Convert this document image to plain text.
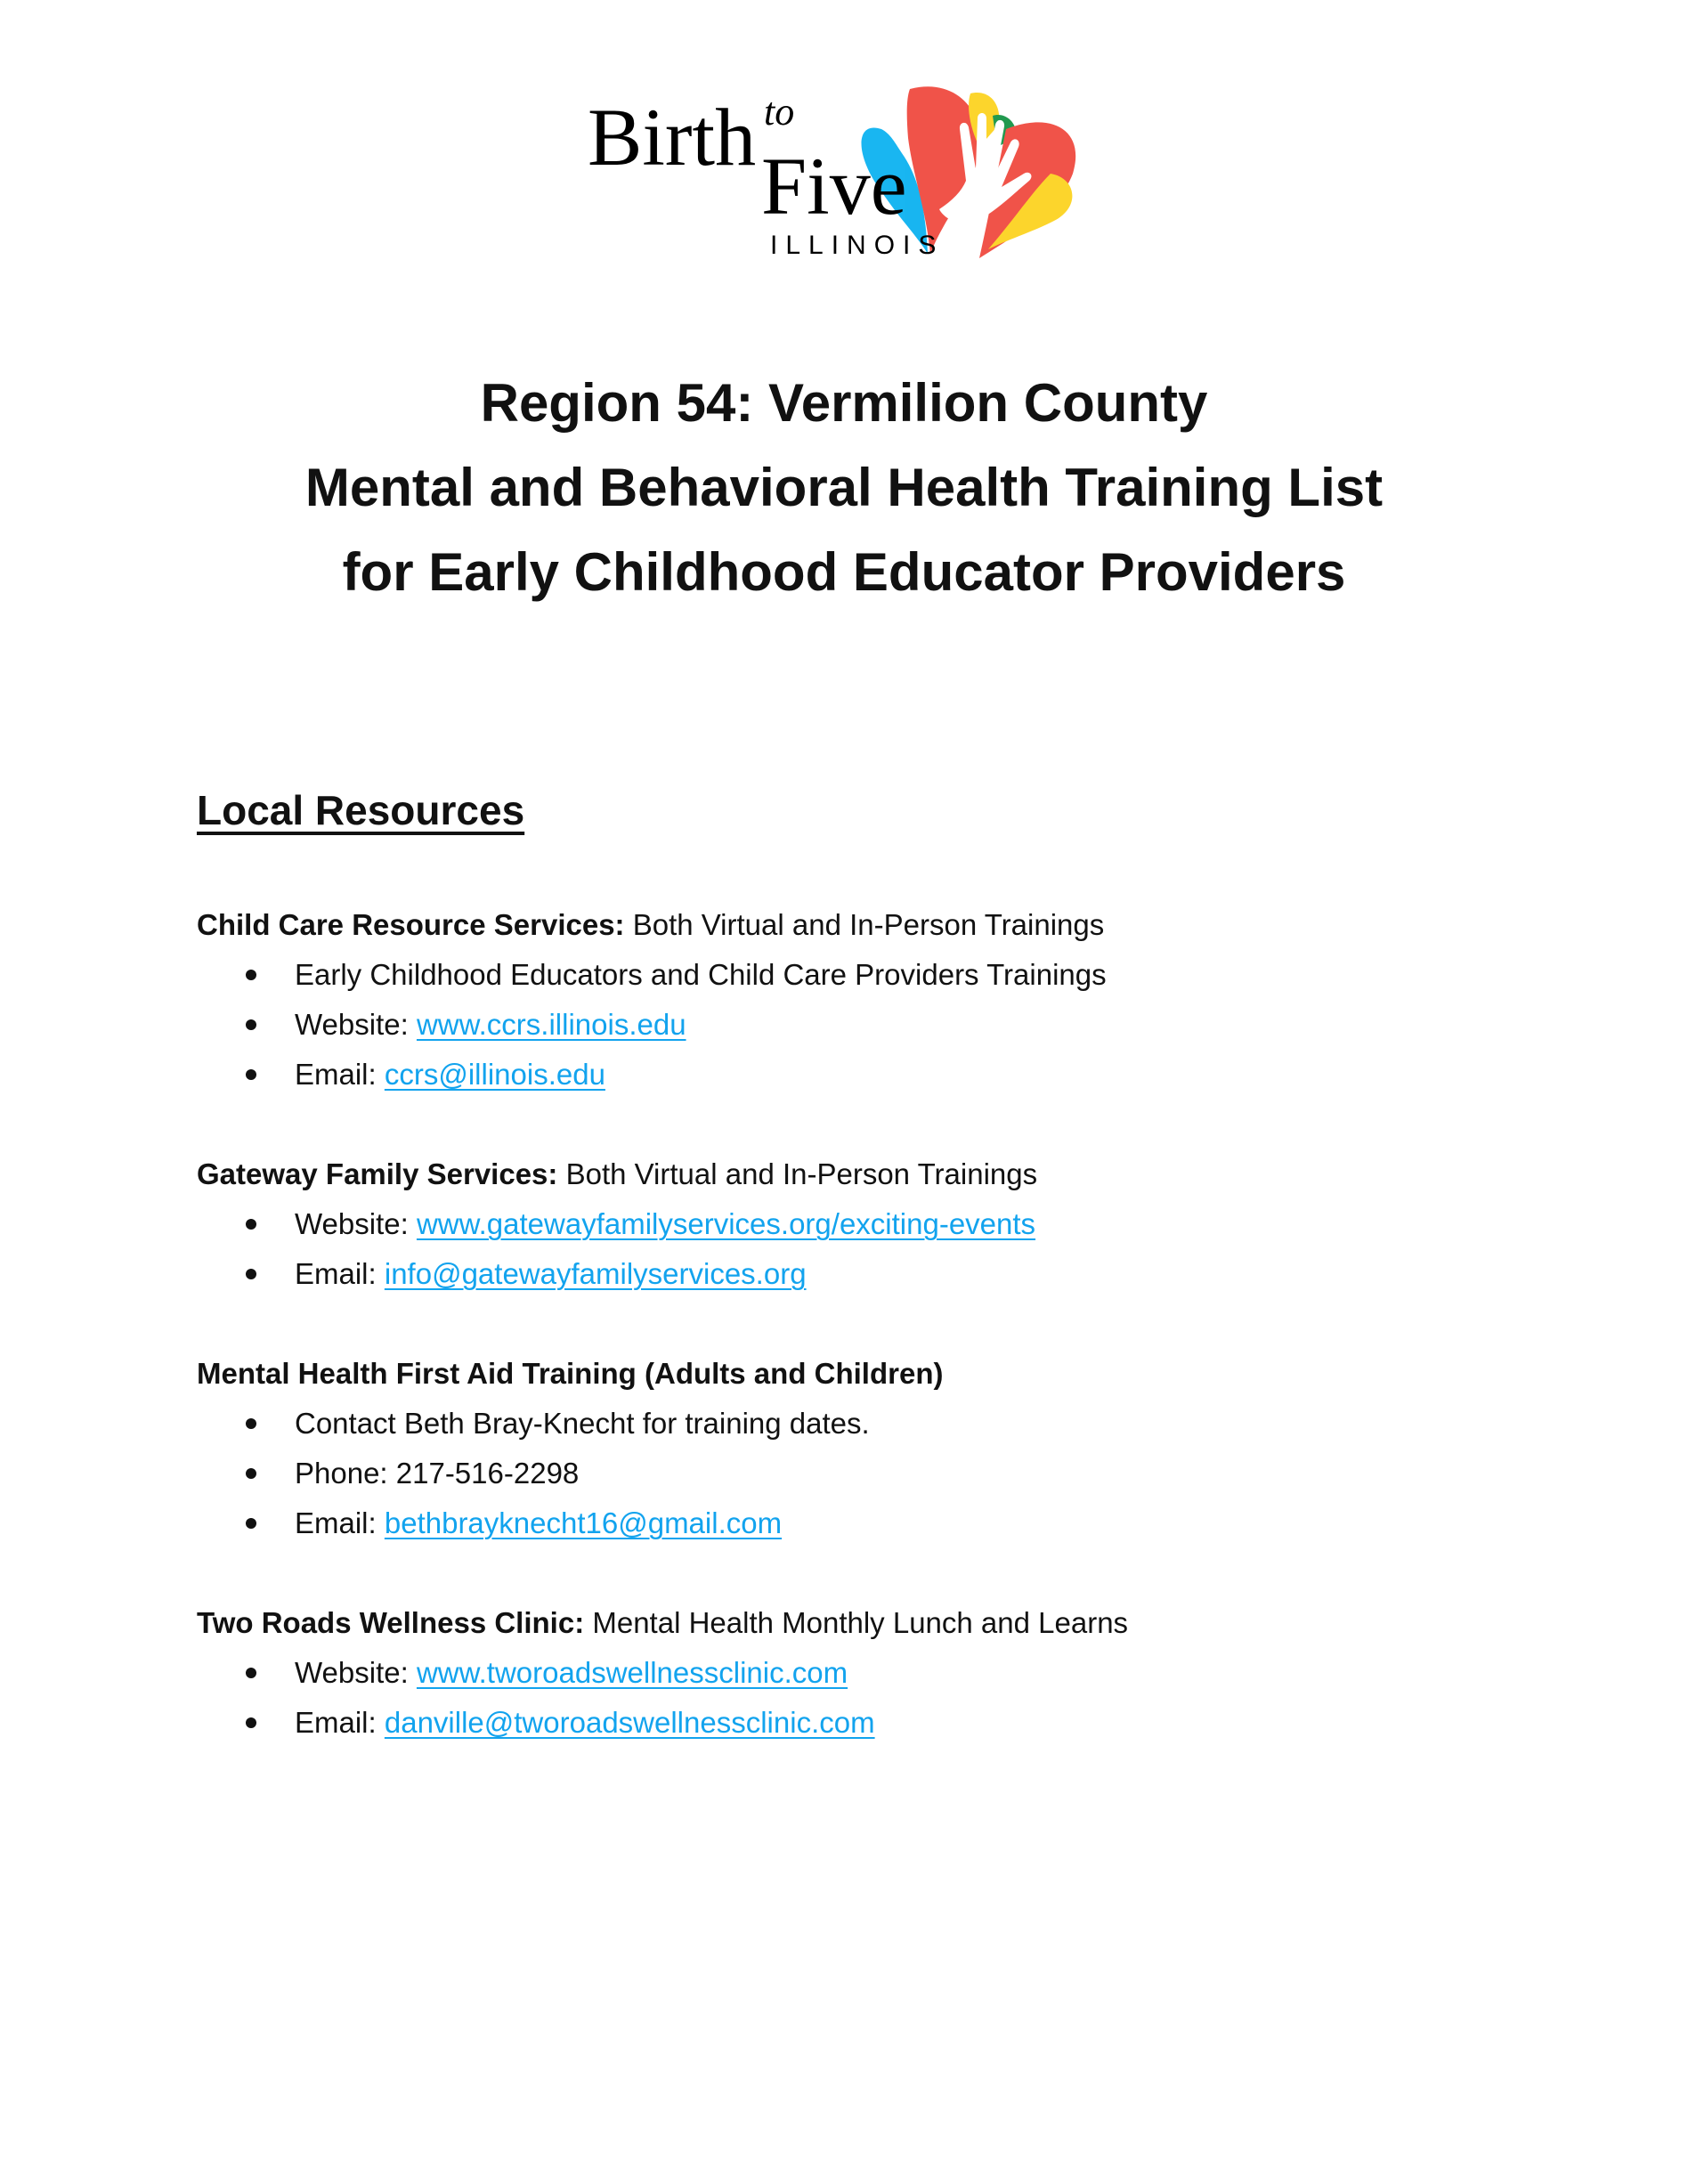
Birth to
Five
ILLINOIS
Region 54: Vermilion County
Mental and Behavioral Health Training List
for Early Childhood Educator Providers
Local Resources
Child Care Resource Services: Both Virtual and In-Person Trainings
Early Childhood Educators and Child Care Providers Trainings
Website: www.ccrs.illinois.edu
Email: ccrs@illinois.edu
Gateway Family Services: Both Virtual and In-Person Trainings
Website: www.gatewayfamilyservices.org/exciting-events
Email: info@gatewayfamilyservices.org
Mental Health First Aid Training (Adults and Children)
Contact Beth Bray-Knecht for training dates.
Phone: 217-516-2298
Email: bethbrayknecht16@gmail.com
Two Roads Wellness Clinic: Mental Health Monthly Lunch and Learns
Website: www.tworoadswellnessclinic.com
Email: danville@tworoadswellnessclinic.com
